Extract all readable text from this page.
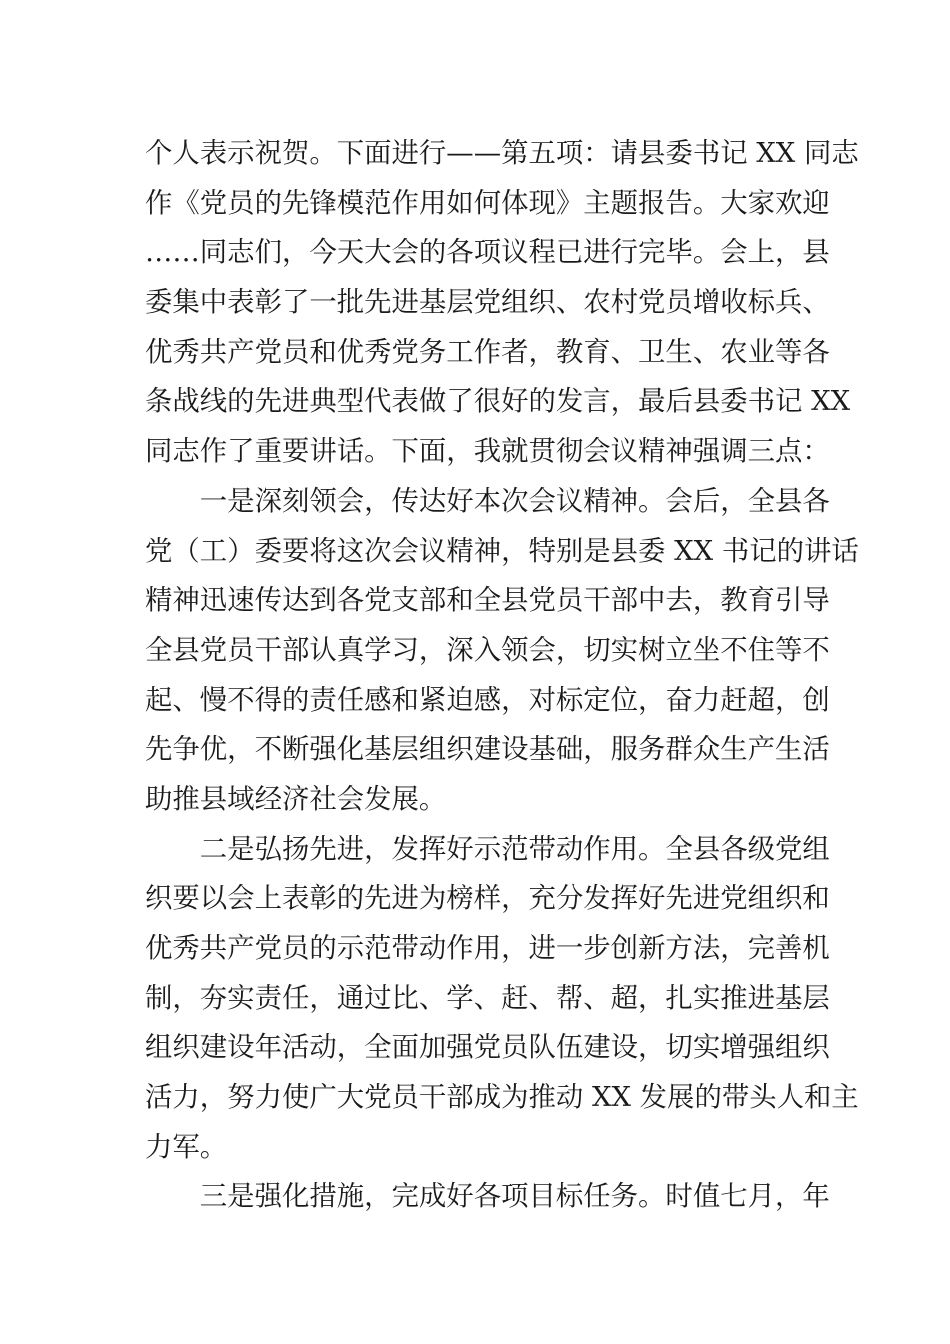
个人表示祝贺。下面进行——第五项：请县委书记 XX 同志
作《党员的先锋模范作用如何体现》主题报告。大家欢迎
……同志们，今天大会的各项议程已进行完毕。会上，县
委集中表彰了一批先进基层党组织、农村党员增收标兵、
优秀共产党员和优秀党务工作者，教育、卫生、农业等各
条战线的先进典型代表做了很好的发言，最后县委书记 XX
同志作了重要讲话。下面，我就贯彻会议精神强调三点：
　　一是深刻领会，传达好本次会议精神。会后，全县各
党（工）委要将这次会议精神，特别是县委 XX 书记的讲话
精神迅速传达到各党支部和全县党员干部中去，教育引导
全县党员干部认真学习，深入领会，切实树立坐不住等不
起、慢不得的责任感和紧迫感，对标定位，奋力赶超，创
先争优，不断强化基层组织建设基础，服务群众生产生活
助推县域经济社会发展。
　　二是弘扬先进，发挥好示范带动作用。全县各级党组
织要以会上表彰的先进为榜样，充分发挥好先进党组织和
优秀共产党员的示范带动作用，进一步创新方法，完善机
制，夯实责任，通过比、学、赶、帮、超，扎实推进基层
组织建设年活动，全面加强党员队伍建设，切实增强组织
活力，努力使广大党员干部成为推动 XX 发展的带头人和主
力军。
　　三是强化措施，完成好各项目标任务。时值七月，年
